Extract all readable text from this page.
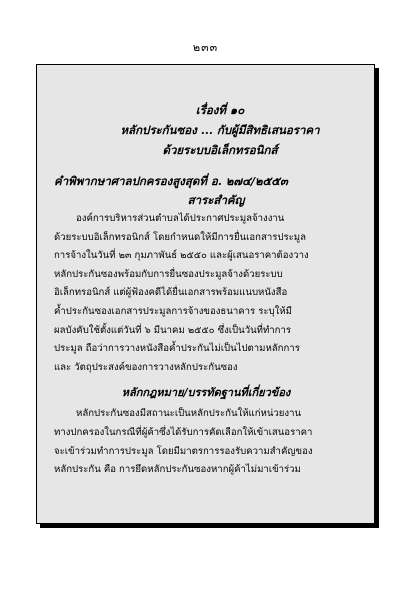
๒๓๓
เรื่องที่ ๑๐
หลักประกันซอง ... กับผู้มีสิทธิเสนอราคา
ด้วยระบบอิเล็กทรอนิกส์
คำพิพากษาศาลปกครองสูงสุดที่ อ. ๒๗๔/๒๕๕๓
สาระสำคัญ

องค์การบริหารส่วนตำบลได้ประกาศประมูลจ้างงาน

ด้วยระบบอิเล็กทรอนิกส์ โดยกำหนดให้มีการยื่นเอกสารประมูล

การจ้างในวันที่ ๒๓ กุมภาพันธ์ ๒๕๕๐ และผู้เสนอราคาต้องวาง

หลักประกันซองพร้อมกับการยื่นซองประมูลจ้างด้วยระบบ

อิเล็กทรอนิกส์ แต่ผู้ฟ้องคดีได้ยื่นเอกสารพร้อมแนบหนังสือ

ค้ำประกันซองเอกสารประมูลการจ้างของธนาคาร ระบุให้มี

ผลบังคับใช้ตั้งแต่วันที่ ๖ มีนาคม ๒๕๕๐ ซึ่งเป็นวันที่ทำการ

ประมูล ถือว่าการวางหนังสือค้ำประกันไม่เป็นไปตามหลักการ

และ วัตถุประสงค์ของการวางหลักประกันซอง

หลักกฎหมาย/บรรทัดฐานที่เกี่ยวข้อง

หลักประกันซองมีสถานะเป็นหลักประกันให้แก่หน่วยงาน

ทางปกครองในกรณีที่ผู้ค้าซึ่งได้รับการคัดเลือกให้เข้าเสนอราคา

จะเข้าร่วมทำการประมูล โดยมีมาตรการรองรับความสำคัญของ

หลักประกัน คือ การยึดหลักประกันซองหากผู้ค้าไม่มาเข้าร่วม
